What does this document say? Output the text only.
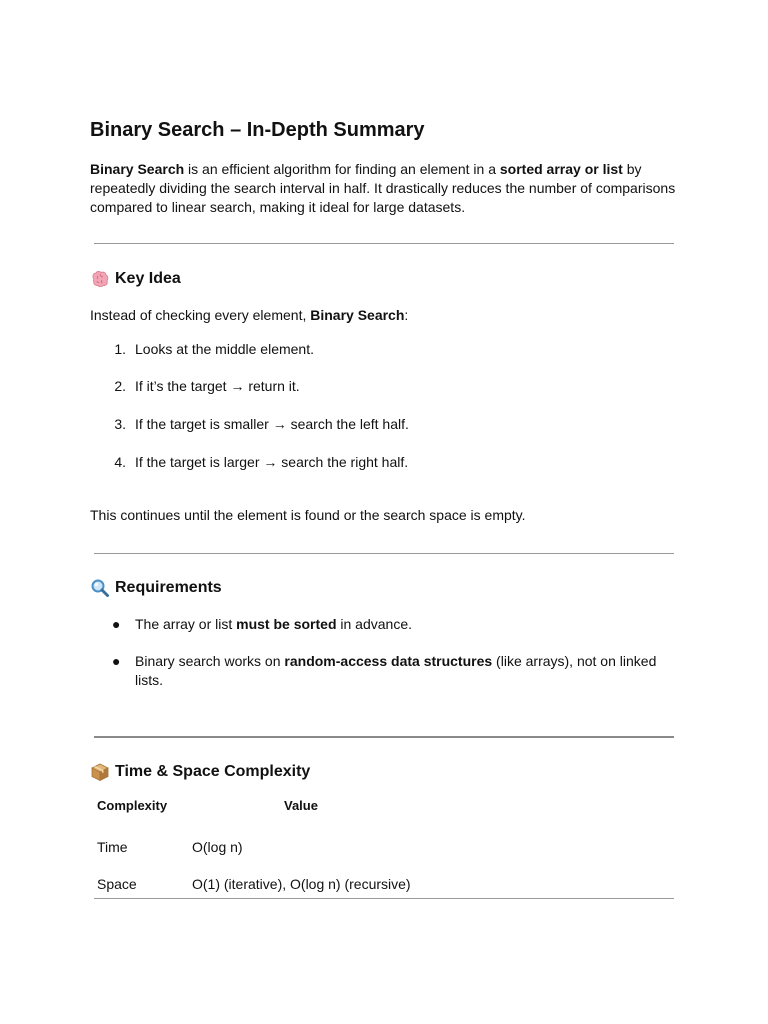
Binary Search – In-Depth Summary

Binary Search is an efficient algorithm for finding an element in a sorted array or list by repeatedly dividing the search interval in half. It drastically reduces the number of comparisons compared to linear search, making it ideal for large datasets.

Key Idea

Instead of checking every element, Binary Search:

1. Looks at the middle element.
2. If it’s the target → return it.
3. If the target is smaller → search the left half.
4. If the target is larger → search the right half.

This continues until the element is found or the search space is empty.

Requirements
● The array or list must be sorted in advance.
● Binary search works on random-access data structures (like arrays), not on linked lists.
Time & Space Complexity
Complexity	Value
Time	O(log n)
Space	O(1) (iterative), O(log n) (recursive)
